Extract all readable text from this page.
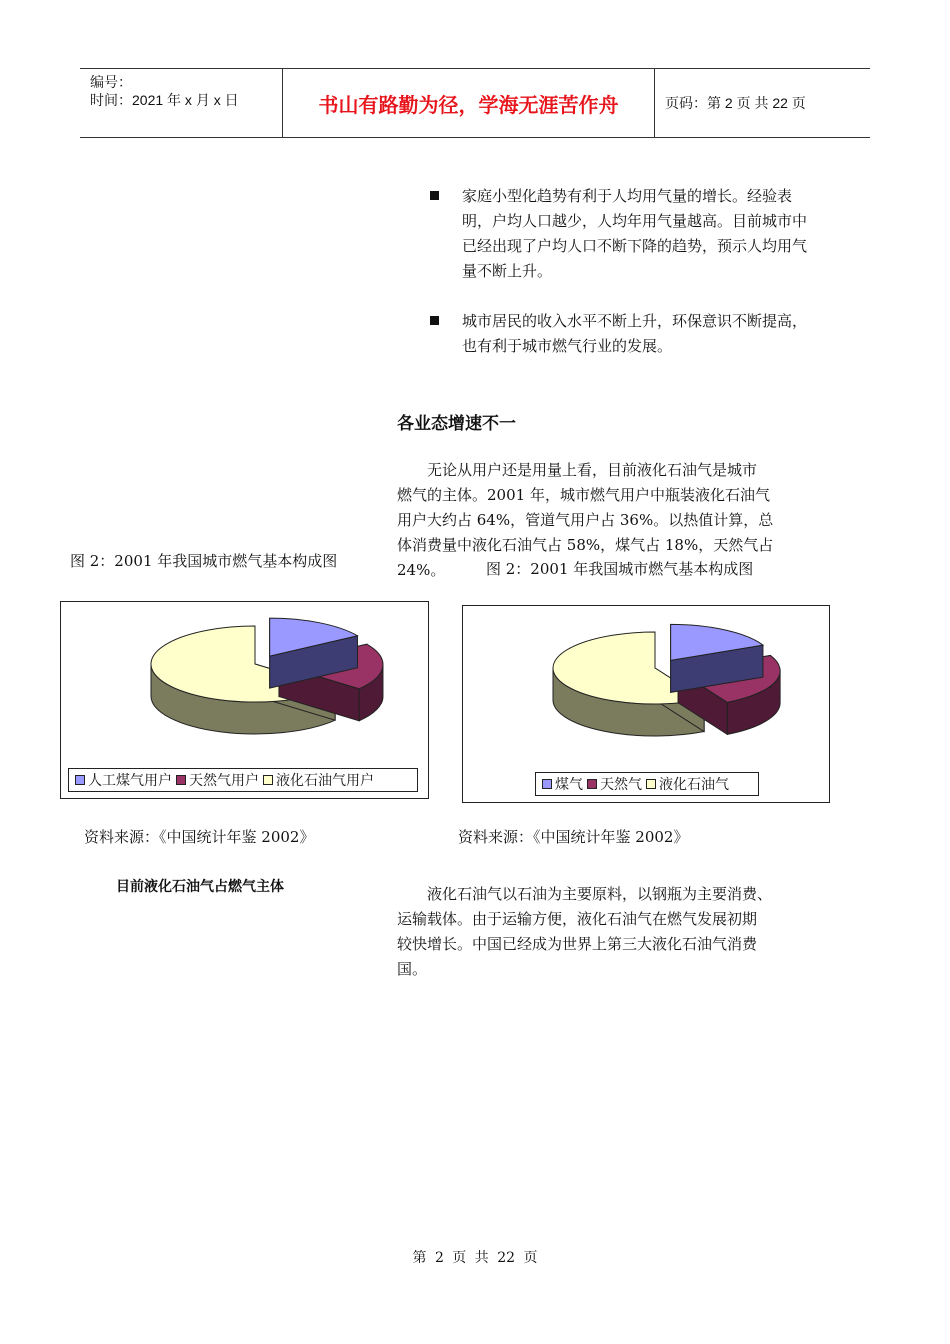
编号：
时间：2021 年 x 月 x 日	书山有路勤为径，学海无涯苦作舟	页码：第 2 页 共 22 页
家庭小型化趋势有利于人均用气量的增长。经验表明，户均人口越少，人均年用气量越高。目前城市中已经出现了户均人口不断下降的趋势，预示人均用气量不断上升。
城市居民的收入水平不断上升，环保意识不断提高，也有利于城市燃气行业的发展。
各业态增速不一
　　无论从用户还是用量上看，目前液化石油气是城市
燃气的主体。2001 年，城市燃气用户中瓶装液化石油气
用户大约占 64%，管道气用户占 36%。以热值计算，总
体消费量中液化石油气占 58%，煤气占 18%，天然气占
24%。
图 2：2001 年我国城市燃气基本构成图	图 2：2001 年我国城市燃气基本构成图
人工煤气用户 天然气用户 液化石油气用户	煤气 天然气 液化石油气
资料来源：《中国统计年鉴 2002》	资料来源：《中国统计年鉴 2002》
目前液化石油气占燃气主体	　　液化石油气以石油为主要原料，以钢瓶为主要消费、
运输载体。由于运输方便，液化石油气在燃气发展初期
较快增长。中国已经成为世界上第三大液化石油气消费
国。
第 2 页 共 22 页
